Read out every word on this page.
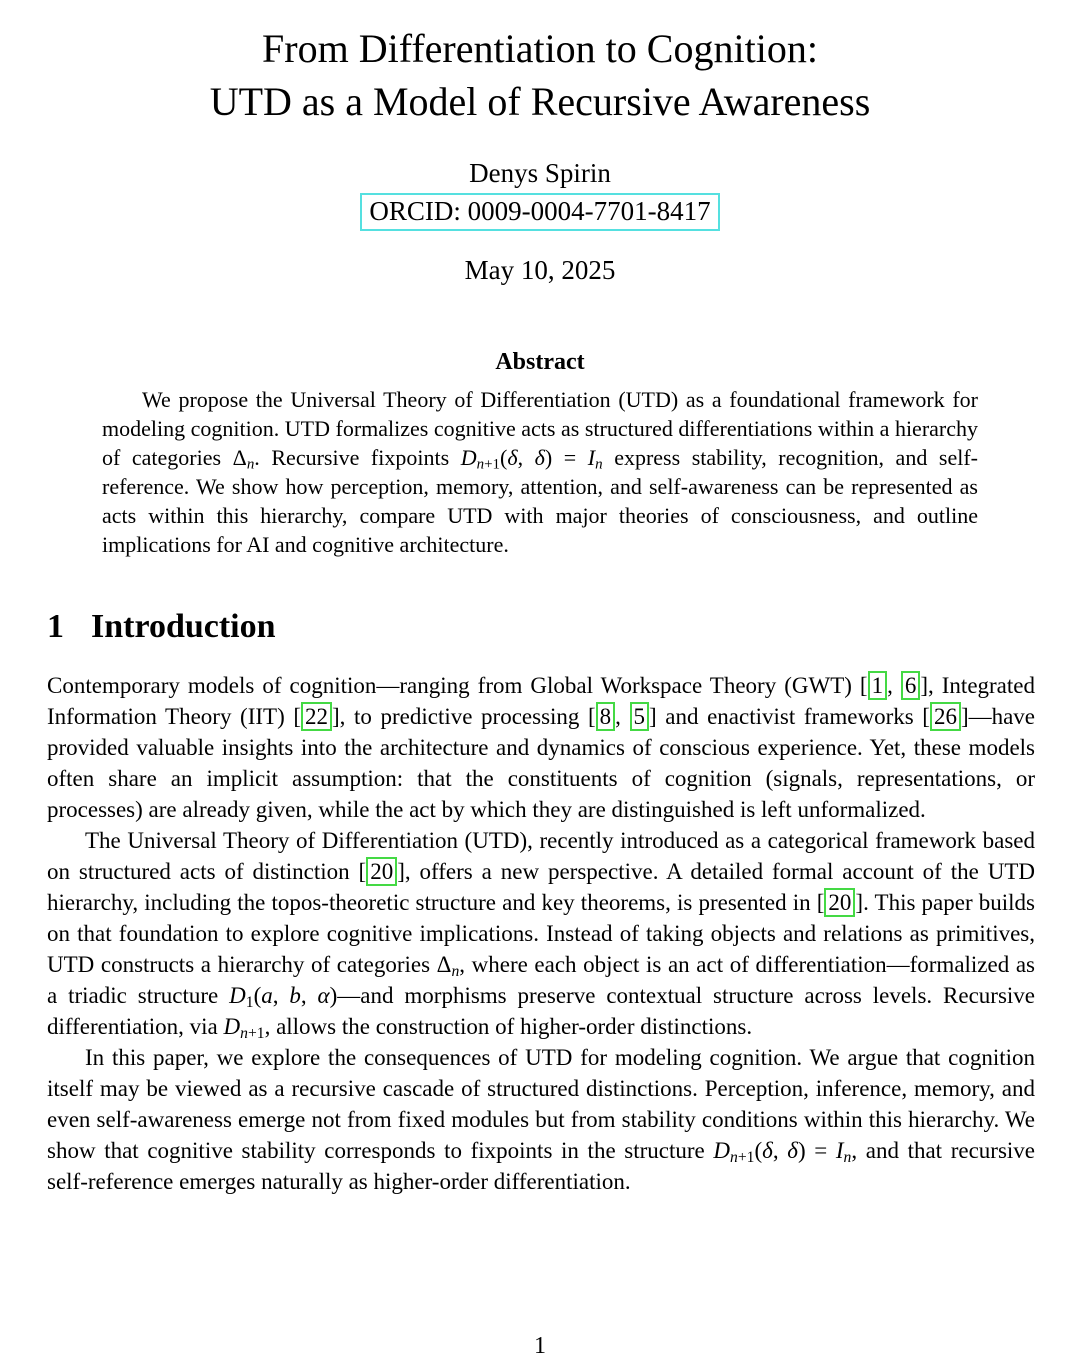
From Differentiation to Cognition:
UTD as a Model of Recursive Awareness
Denys Spirin
ORCID: 0009-0004-7701-8417
May 10, 2025
Abstract
We propose the Universal Theory of Differentiation (UTD) as a foundational framework for modeling cognition. UTD formalizes cognitive acts as structured differentiations within a hierarchy of categories $\Delta_n$. Recursive fixpoints $D_{n+1}(\delta$, $\delta) = I_n$ express stability, recognition, and self-reference. We show how perception, memory, attention, and self-awareness can be represented as acts within this hierarchy, compare UTD with major theories of consciousness, and outline implications for AI and cognitive architecture.
1 Introduction

Contemporary models of cognition—ranging from Global Workspace Theory (GWT) [ 1 , 6 ], Integrated Information Theory (IIT) [ 22 ], to predictive processing [ 8 , 5 ] and enactivist frameworks [ 26 ]—have provided valuable insights into the architecture and dynamics of conscious experience. Yet, these models often share an implicit assumption: that the constituents of cognition (signals, representations, or processes) are already given, while the act by which they are distinguished is left unformalized.

The Universal Theory of Differentiation (UTD), recently introduced as a categorical framework based on structured acts of distinction [ 20 ], offers a new perspective. A detailed formal account of the UTD hierarchy, including the topos-theoretic structure and key theorems, is presented in [ 20 ]. This paper builds on that foundation to explore cognitive implications. Instead of taking objects and relations as primitives, UTD constructs a hierarchy of categories $\Delta_n$, where each object is an act of differentiation—formalized as a triadic structure $D_1(a$, b, α)—and morphisms preserve contextual structure across levels. Recursive differentiation, via $D_{n+1}$, allows the construction of higher-order distinctions.

In this paper, we explore the consequences of UTD for modeling cognition. We argue that cognition itself may be viewed as a recursive cascade of structured distinctions. Perception, inference, memory, and even self-awareness emerge not from fixed modules but from stability conditions within this hierarchy. We show that cognitive stability corresponds to fixpoints in the structure $D_{n+1}(\delta$, $\delta) = I_n$, and that recursive self-reference emerges naturally as higher-order differentiation.

1
